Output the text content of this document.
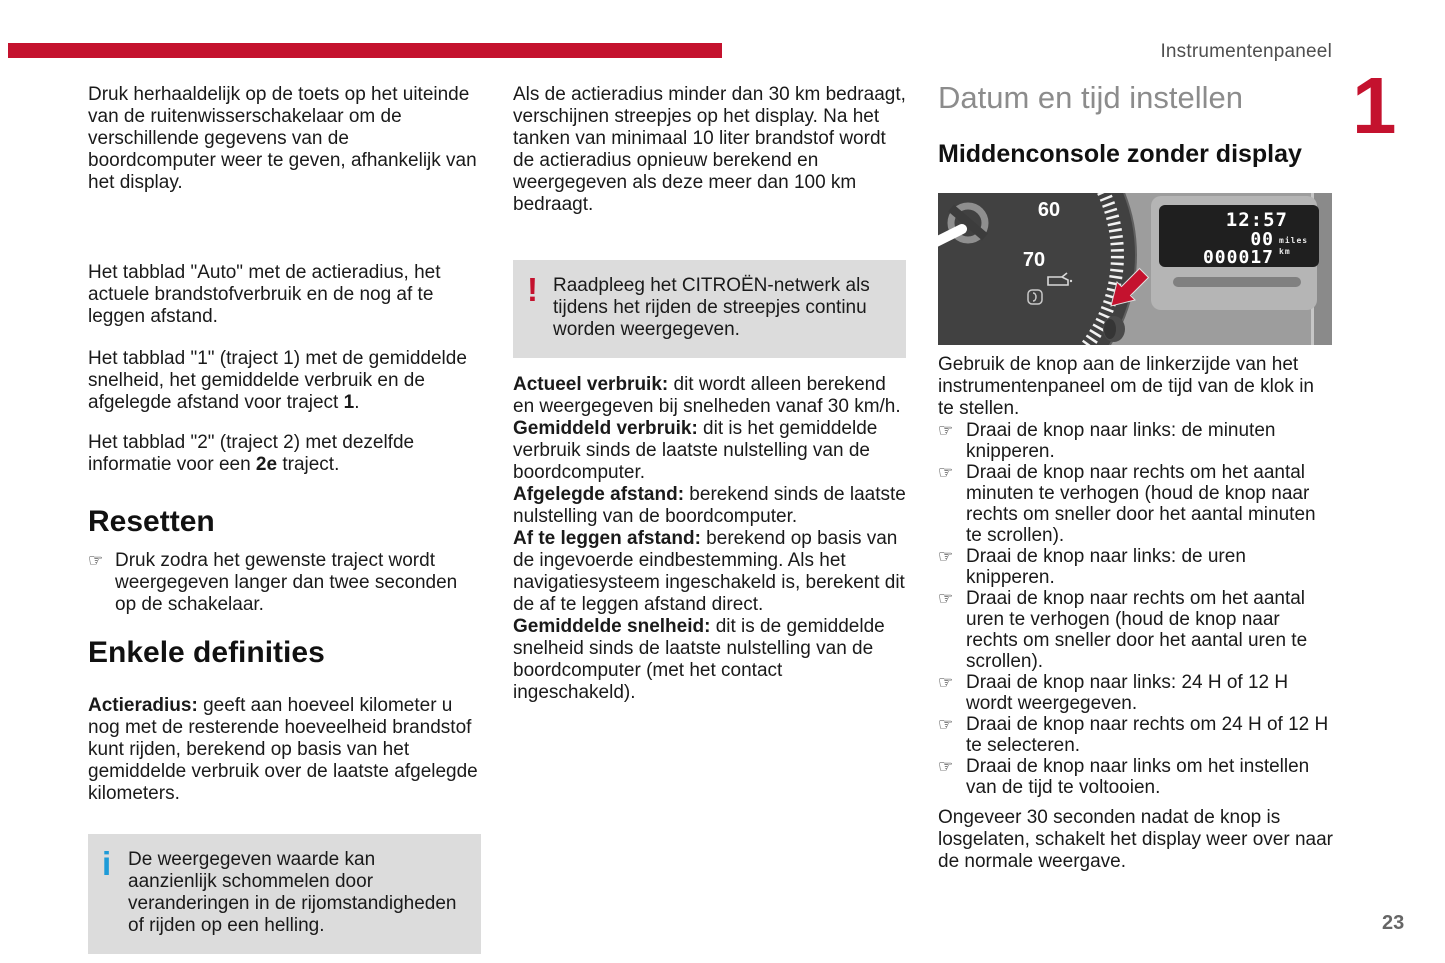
Instrumentenpaneel
1

Druk herhaaldelijk op de toets op het uiteinde van de ruitenwisserschakelaar om de verschillende gegevens van de boordcomputer weer te geven, afhankelijk van het display.

Het tabblad "Auto" met de actieradius, het actuele brandstofverbruik en de nog af te leggen afstand.

Het tabblad "1" (traject 1) met de gemiddelde snelheid, het gemiddelde verbruik en de afgelegde afstand voor traject 1.

Het tabblad "2" (traject 2) met dezelfde informatie voor een 2e traject.

Resetten
☞ Druk zodra het gewenste traject wordt weergegeven langer dan twee seconden op de schakelaar.
Enkele definities

Actieradius: geeft aan hoeveel kilometer u nog met de resterende hoeveelheid brandstof kunt rijden, berekend op basis van het gemiddelde verbruik over de laatste afgelegde kilometers.

i De weergegeven waarde kan aanzienlijk schommelen door veranderingen in de rijomstandigheden of rijden op een helling.

Als de actieradius minder dan 30 km bedraagt, verschijnen streepjes op het display. Na het tanken van minimaal 10 liter brandstof wordt de actieradius opnieuw berekend en weergegeven als deze meer dan 100 km bedraagt.

! Raadpleeg het CITROËN-netwerk als tijdens het rijden de streepjes continu worden weergegeven.

Actueel verbruik: dit wordt alleen berekend en weergegeven bij snelheden vanaf 30 km/h.

Gemiddeld verbruik: dit is het gemiddelde verbruik sinds de laatste nulstelling van de boordcomputer.

Afgelegde afstand: berekend sinds de laatste nulstelling van de boordcomputer.

Af te leggen afstand: berekend op basis van de ingevoerde eindbestemming. Als het navigatiesysteem ingeschakeld is, berekent dit de af te leggen afstand direct.

Gemiddelde snelheid: dit is de gemiddelde snelheid sinds de laatste nulstelling van de boordcomputer (met het contact ingeschakeld).

Datum en tijd instellen
Middenconsole zonder display
60
70
12:57
00 miles
000017 km

Gebruik de knop aan de linkerzijde van het instrumentenpaneel om de tijd van de klok in te stellen.

☞ Draai de knop naar links: de minuten knipperen.
☞ Draai de knop naar rechts om het aantal minuten te verhogen (houd de knop naar rechts om sneller door het aantal minuten te scrollen).
☞ Draai de knop naar links: de uren knipperen.
☞ Draai de knop naar rechts om het aantal uren te verhogen (houd de knop naar rechts om sneller door het aantal uren te scrollen).
☞ Draai de knop naar links: 24 H of 12 H wordt weergegeven.
☞ Draai de knop naar rechts om 24 H of 12 H te selecteren.
☞ Draai de knop naar links om het instellen van de tijd te voltooien.

Ongeveer 30 seconden nadat de knop is losgelaten, schakelt het display weer over naar de normale weergave.

23
